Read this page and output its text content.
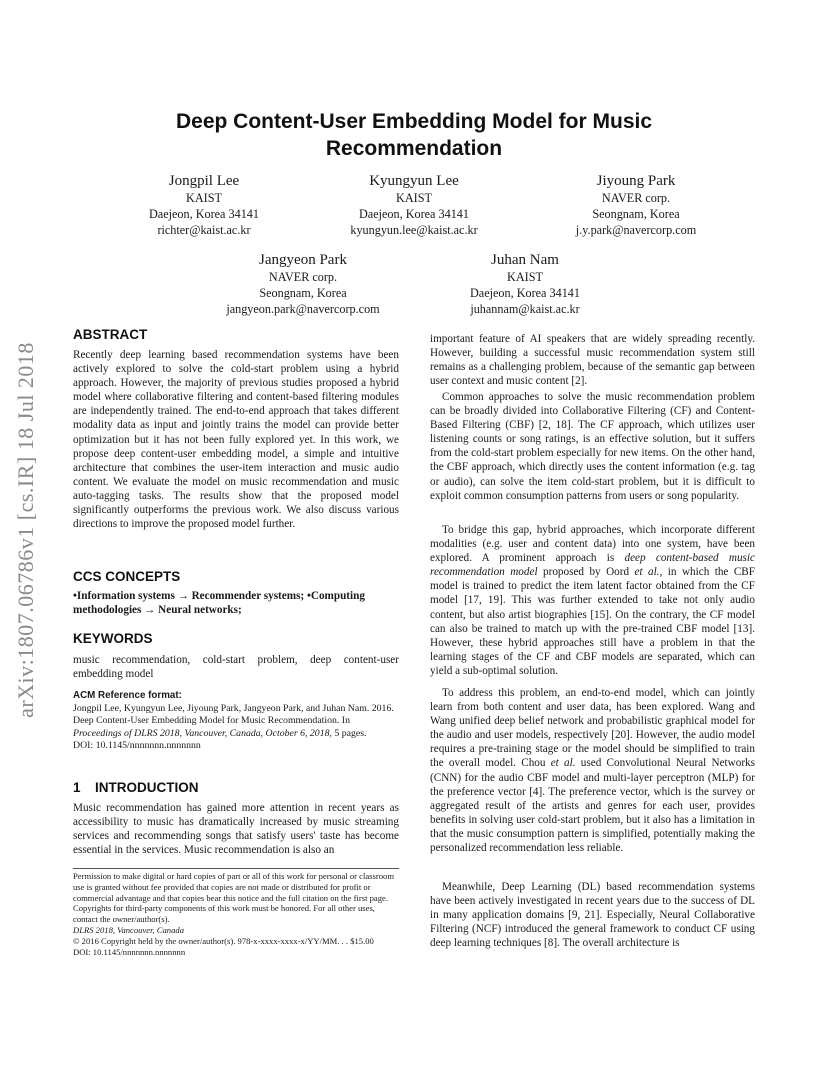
arXiv:1807.06786v1 [cs.IR] 18 Jul 2018
Deep Content-User Embedding Model for Music
Recommendation
Jongpil Lee
KAIST
Daejeon, Korea 34141
richter@kaist.ac.kr
Kyungyun Lee
KAIST
Daejeon, Korea 34141
kyungyun.lee@kaist.ac.kr
Jiyoung Park
NAVER corp.
Seongnam, Korea
j.y.park@navercorp.com
Jangyeon Park
NAVER corp.
Seongnam, Korea
jangyeon.park@navercorp.com
Juhan Nam
KAIST
Daejeon, Korea 34141
juhannam@kaist.ac.kr
ABSTRACT
Recently deep learning based recommendation systems have been actively explored to solve the cold-start problem using a hybrid approach. However, the majority of previous studies proposed a hybrid model where collaborative filtering and content-based filtering modules are independently trained. The end-to-end approach that takes different modality data as input and jointly trains the model can provide better optimization but it has not been fully explored yet. In this work, we propose deep content-user embedding model, a simple and intuitive architecture that combines the user-item interaction and music audio content. We evaluate the model on music recommendation and music auto-tagging tasks. The results show that the proposed model significantly outperforms the previous work. We also discuss various directions to improve the proposed model further.
CCS CONCEPTS
•Information systems → Recommender systems; •Computing methodologies → Neural networks;
KEYWORDS
music recommendation, cold-start problem, deep content-user embedding model
ACM Reference format:
Jongpil Lee, Kyungyun Lee, Jiyoung Park, Jangyeon Park, and Juhan Nam. 2016. Deep Content-User Embedding Model for Music Recommendation. In Proceedings of DLRS 2018, Vancouver, Canada, October 6, 2018, 5 pages.
DOI: 10.1145/nnnnnnn.nnnnnnn
1 INTRODUCTION
Music recommendation has gained more attention in recent years as accessibility to music has dramatically increased by music streaming services and recommending songs that satisfy users' taste has become essential in the services. Music recommendation is also an
Permission to make digital or hard copies of part or all of this work for personal or classroom use is granted without fee provided that copies are not made or distributed for profit or commercial advantage and that copies bear this notice and the full citation on the first page. Copyrights for third-party components of this work must be honored. For all other uses, contact the owner/author(s).
DLRS 2018, Vancouver, Canada
© 2016 Copyright held by the owner/author(s). 978-x-xxxx-xxxx-x/YY/MM. . . $15.00
DOI: 10.1145/nnnnnnn.nnnnnnn
important feature of AI speakers that are widely spreading recently. However, building a successful music recommendation system still remains as a challenging problem, because of the semantic gap between user context and music content [2].
Common approaches to solve the music recommendation problem can be broadly divided into Collaborative Filtering (CF) and Content-Based Filtering (CBF) [2, 18]. The CF approach, which utilizes user listening counts or song ratings, is an effective solution, but it suffers from the cold-start problem especially for new items. On the other hand, the CBF approach, which directly uses the content information (e.g. tag or audio), can solve the item cold-start problem, but it is difficult to exploit common consumption patterns from users or song popularity.
To bridge this gap, hybrid approaches, which incorporate different modalities (e.g. user and content data) into one system, have been explored. A prominent approach is deep content-based music recommendation model proposed by Oord et al., in which the CBF model is trained to predict the item latent factor obtained from the CF model [17, 19]. This was further extended to take not only audio content, but also artist biographies [15]. On the contrary, the CF model can also be trained to match up with the pre-trained CBF model [13]. However, these hybrid approaches still have a problem in that the learning stages of the CF and CBF models are separated, which can yield a sub-optimal solution.
To address this problem, an end-to-end model, which can jointly learn from both content and user data, has been explored. Wang and Wang unified deep belief network and probabilistic graphical model for the audio and user models, respectively [20]. However, the audio model requires a pre-training stage or the model should be simplified to train the overall model. Chou et al. used Convolutional Neural Networks (CNN) for the audio CBF model and multi-layer perceptron (MLP) for the preference vector [4]. The preference vector, which is the survey or aggregated result of the artists and genres for each user, provides benefits in solving user cold-start problem, but it also has a limitation in that the music consumption pattern is simplified, potentially making the personalized recommendation less reliable.
Meanwhile, Deep Learning (DL) based recommendation systems have been actively investigated in recent years due to the success of DL in many application domains [9, 21]. Especially, Neural Collaborative Filtering (NCF) introduced the general framework to conduct CF using deep learning techniques [8]. The overall architecture is
